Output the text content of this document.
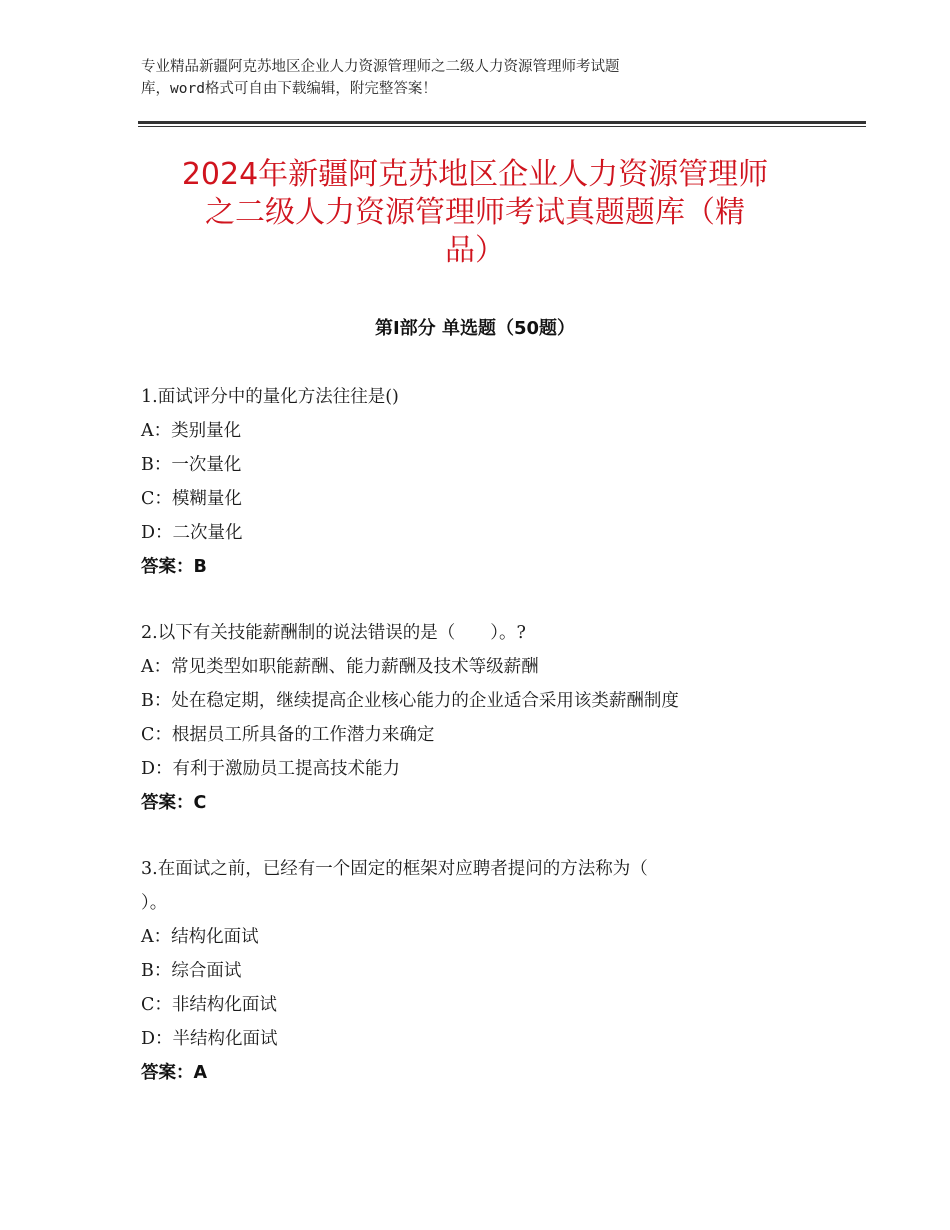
专业精品新疆阿克苏地区企业人力资源管理师之二级人力资源管理师考试题
库，word格式可自由下载编辑，附完整答案！
2024年新疆阿克苏地区企业人力资源管理师
之二级人力资源管理师考试真题题库（精
品）
第Ⅰ部分 单选题（50题）
1.面试评分中的量化方法往往是()
A：类别量化
B：一次量化
C：模糊量化
D：二次量化
答案：B
2.以下有关技能薪酬制的说法错误的是（　　）。?
A：常见类型如职能薪酬、能力薪酬及技术等级薪酬
B：处在稳定期，继续提高企业核心能力的企业适合采用该类薪酬制度
C：根据员工所具备的工作潜力来确定
D：有利于激励员工提高技术能力
答案：C
3.在面试之前，已经有一个固定的框架对应聘者提问的方法称为（
）。
A：结构化面试
B：综合面试
C：非结构化面试
D：半结构化面试
答案：A
